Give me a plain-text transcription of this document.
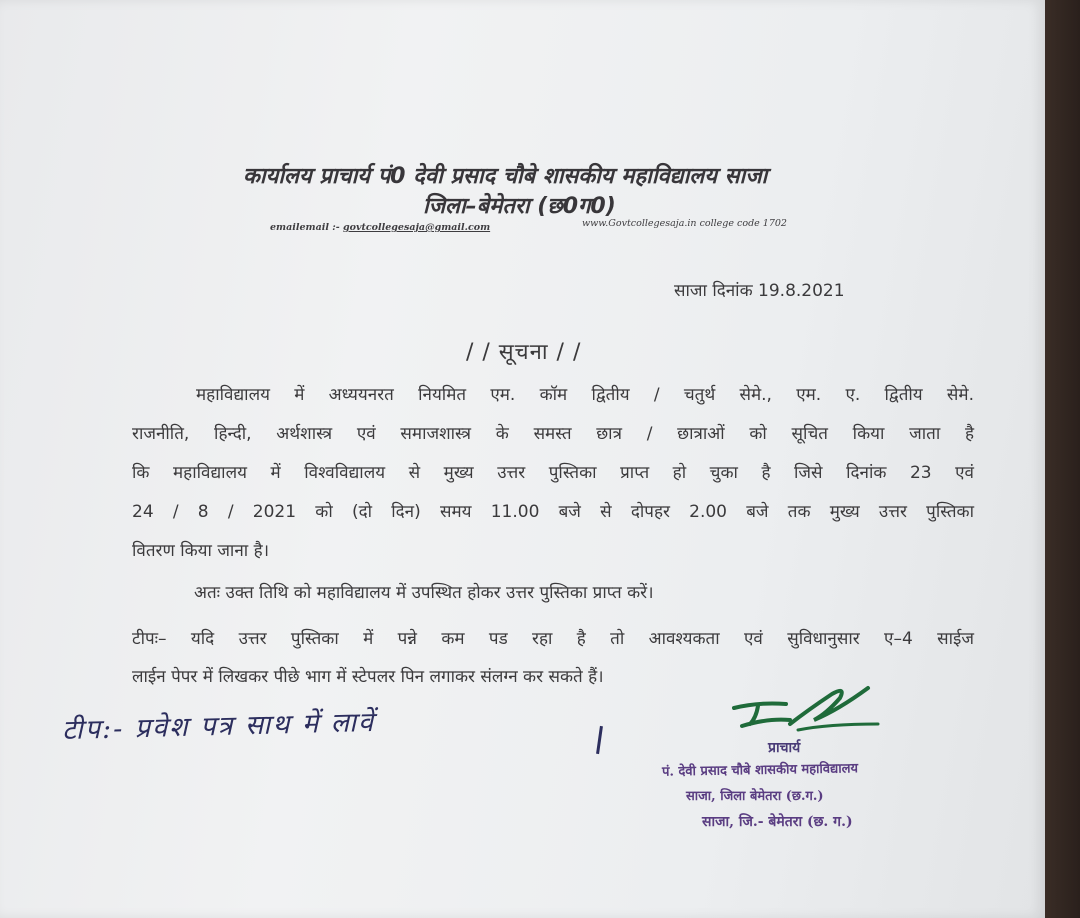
कार्यालय प्राचार्य पं0 देवी प्रसाद चौबे शासकीय महाविद्यालय साजा
जिला–बेमेतरा (छ0ग0)
emailemail :- govtcollegesaja@gmail.com	www.Govtcollegesaja.in college code 1702
साजा दिनांक 19.8.2021
/ / सूचना / /
महाविद्यालय में अध्ययनरत नियमित एम. कॉम द्वितीय / चतुर्थ सेमे., एम. ए. द्वितीय सेमे.
राजनीति, हिन्दी, अर्थशास्त्र एवं समाजशास्त्र के समस्त छात्र / छात्राओं को सूचित किया जाता है
कि महाविद्यालय में विश्वविद्यालय से मुख्य उत्तर पुस्तिका प्राप्त हो चुका है जिसे दिनांक 23 एवं
24 / 8 / 2021 को (दो दिन) समय 11.00 बजे से दोपहर 2.00 बजे तक मुख्य उत्तर पुस्तिका
वितरण किया जाना है।
अतः उक्त तिथि को महाविद्यालय में उपस्थित होकर उत्तर पुस्तिका प्राप्त करें।
टीपः– यदि उत्तर पुस्तिका में पन्ने कम पड रहा है तो आवश्यकता एवं सुविधानुसार ए–4 साईज
लाईन पेपर में लिखकर पीछे भाग में स्टेपलर पिन लगाकर संलग्न कर सकते हैं।
टीप:- प्रवेश पत्र साथ में लावें
प्राचार्य
पं. देवी प्रसाद चौबे शासकीय महाविद्यालय
साजा, जिला बेमेतरा (छ.ग.)
साजा, जि.- बेमेतरा (छ. ग.)
